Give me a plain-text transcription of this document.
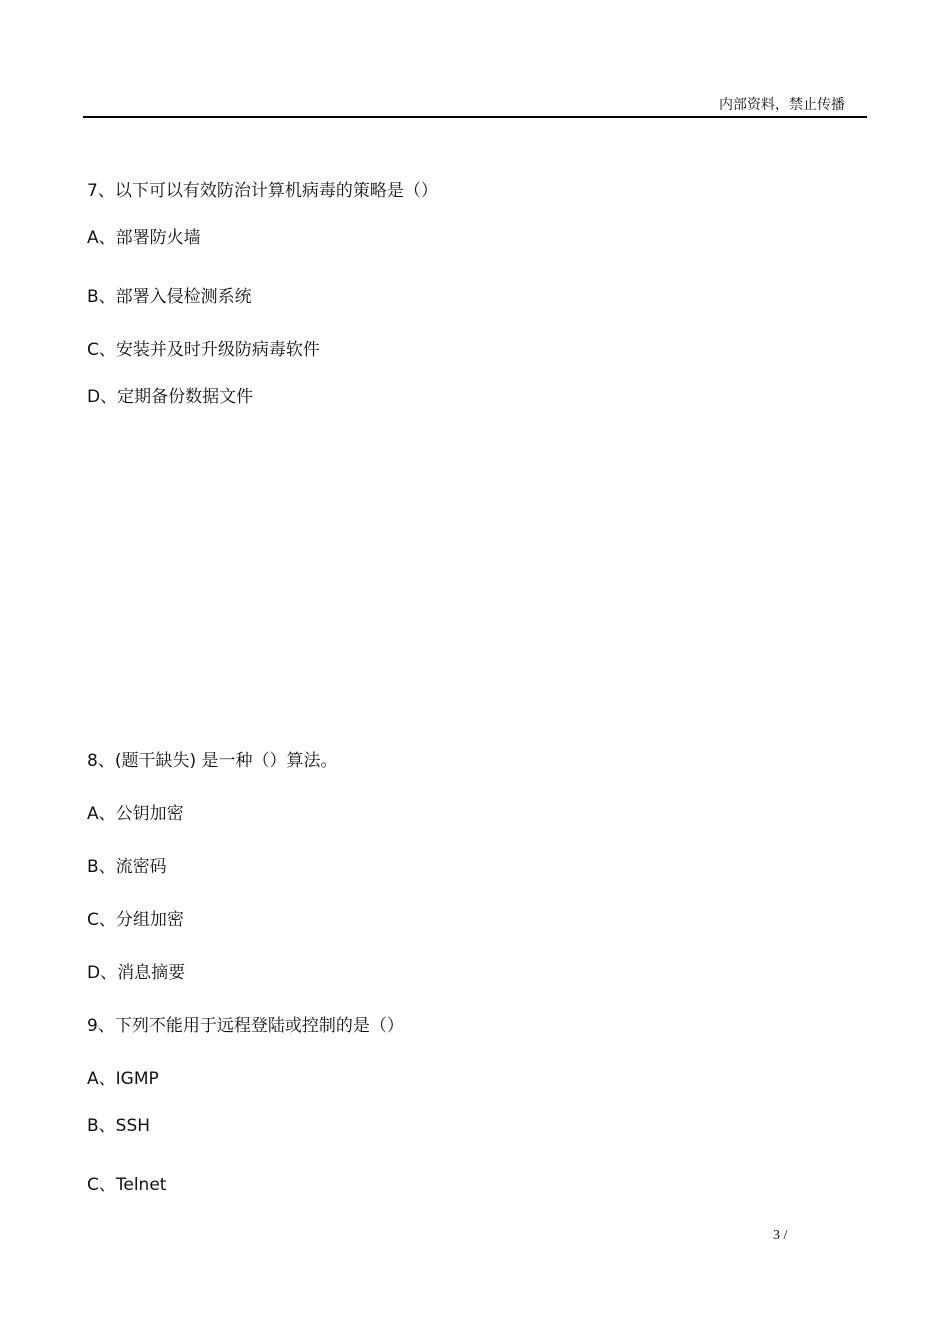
内部资料，禁止传播
7、以下可以有效防治计算机病毒的策略是（）
A、部署防火墙
B、部署入侵检测系统
C、安装并及时升级防病毒软件
D、定期备份数据文件
8、(题干缺失) 是一种（）算法。
A、公钥加密
B、流密码
C、分组加密
D、消息摘要
9、下列不能用于远程登陆或控制的是（）
A、IGMP
B、SSH
C、Telnet
3 /
